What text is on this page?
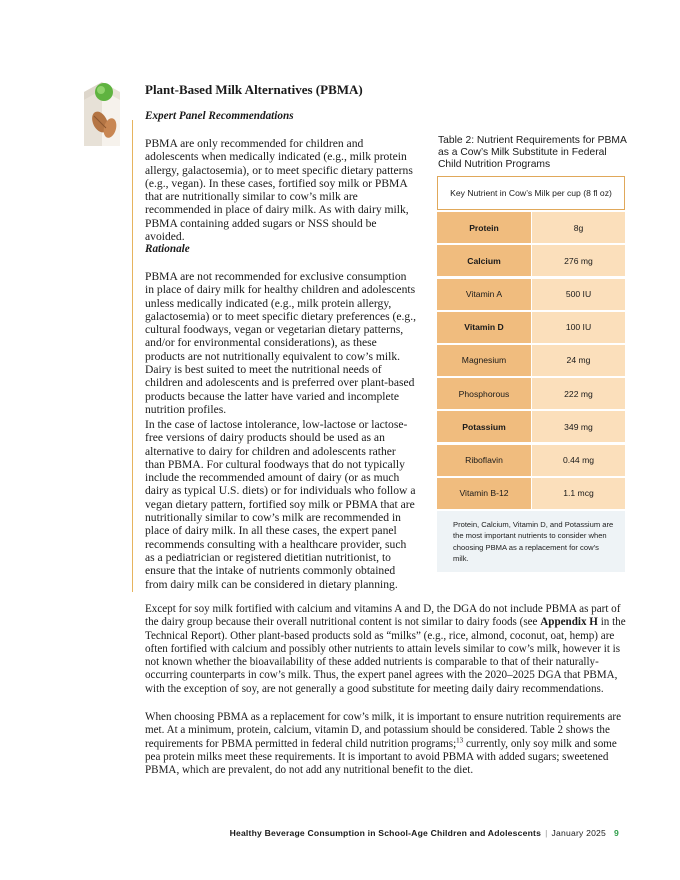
Plant-Based Milk Alternatives (PBMA)
Expert Panel Recommendations

PBMA are only recommended for children and adolescents when medically indicated (e.g., milk protein allergy, galactosemia), or to meet specific dietary patterns (e.g., vegan). In these cases, fortified soy milk or PBMA that are nutritionally similar to cow’s milk are recommended in place of dairy milk. As with dairy milk, PBMA containing added sugars or NSS should be avoided.

Rationale

PBMA are not recommended for exclusive consumption in place of dairy milk for healthy children and adolescents unless medically indicated (e.g., milk protein allergy, galactosemia) or to meet specific dietary preferences (e.g., cultural foodways, vegan or vegetarian dietary patterns, and/or for environmental considerations), as these products are not nutritionally equivalent to cow’s milk. Dairy is best suited to meet the nutritional needs of children and adolescents and is preferred over plant-based products because the latter have varied and incomplete nutrition profiles.

In the case of lactose intolerance, low-lactose or lactose-free versions of dairy products should be used as an alternative to dairy for children and adolescents rather than PBMA. For cultural foodways that do not typically include the recommended amount of dairy (or as much dairy as typical U.S. diets) or for individuals who follow a vegan dietary pattern, fortified soy milk or PBMA that are nutritionally similar to cow’s milk are recommended in place of dairy milk. In all these cases, the expert panel recommends consulting with a healthcare provider, such as a pediatrician or registered dietitian nutritionist, to ensure that the intake of nutrients commonly obtained from dairy milk can be considered in dietary planning.

Except for soy milk fortified with calcium and vitamins A and D, the DGA do not include PBMA as part of the dairy group because their overall nutritional content is not similar to dairy foods (see Appendix H in the Technical Report). Other plant-based products sold as “milks” (e.g., rice, almond, coconut, oat, hemp) are often fortified with calcium and possibly other nutrients to attain levels similar to cow’s milk, however it is not known whether the bioavailability of these added nutrients is comparable to that of their naturally-occurring counterparts in cow’s milk. Thus, the expert panel agrees with the 2020–2025 DGA that PBMA, with the exception of soy, are not generally a good substitute for meeting daily dairy recommendations.

When choosing PBMA as a replacement for cow’s milk, it is important to ensure nutrition requirements are met. At a minimum, protein, calcium, vitamin D, and potassium should be considered. Table 2 shows the requirements for PBMA permitted in federal child nutrition programs;$^{13}$ currently, only soy milk and some pea protein milks meet these requirements. It is important to avoid PBMA with added sugars; sweetened PBMA, which are prevalent, do not add any nutritional benefit to the diet.

Table 2: Nutrient Requirements for PBMA as a Cow’s Milk Substitute in Federal Child Nutrition Programs
Key Nutrient in Cow’s Milk per cup (8 fl oz)
Protein	8g
Calcium	276 mg
Vitamin A	500 IU
Vitamin D	100 IU
Magnesium	24 mg
Phosphorous	222 mg
Potassium	349 mg
Riboflavin	0.44 mg
Vitamin B-12	1.1 mcg
Protein, Calcium, Vitamin D, and Potassium are the most important nutrients to consider when choosing PBMA as a replacement for cow’s milk.
Healthy Beverage Consumption in School-Age Children and Adolescents | January 2025 9
